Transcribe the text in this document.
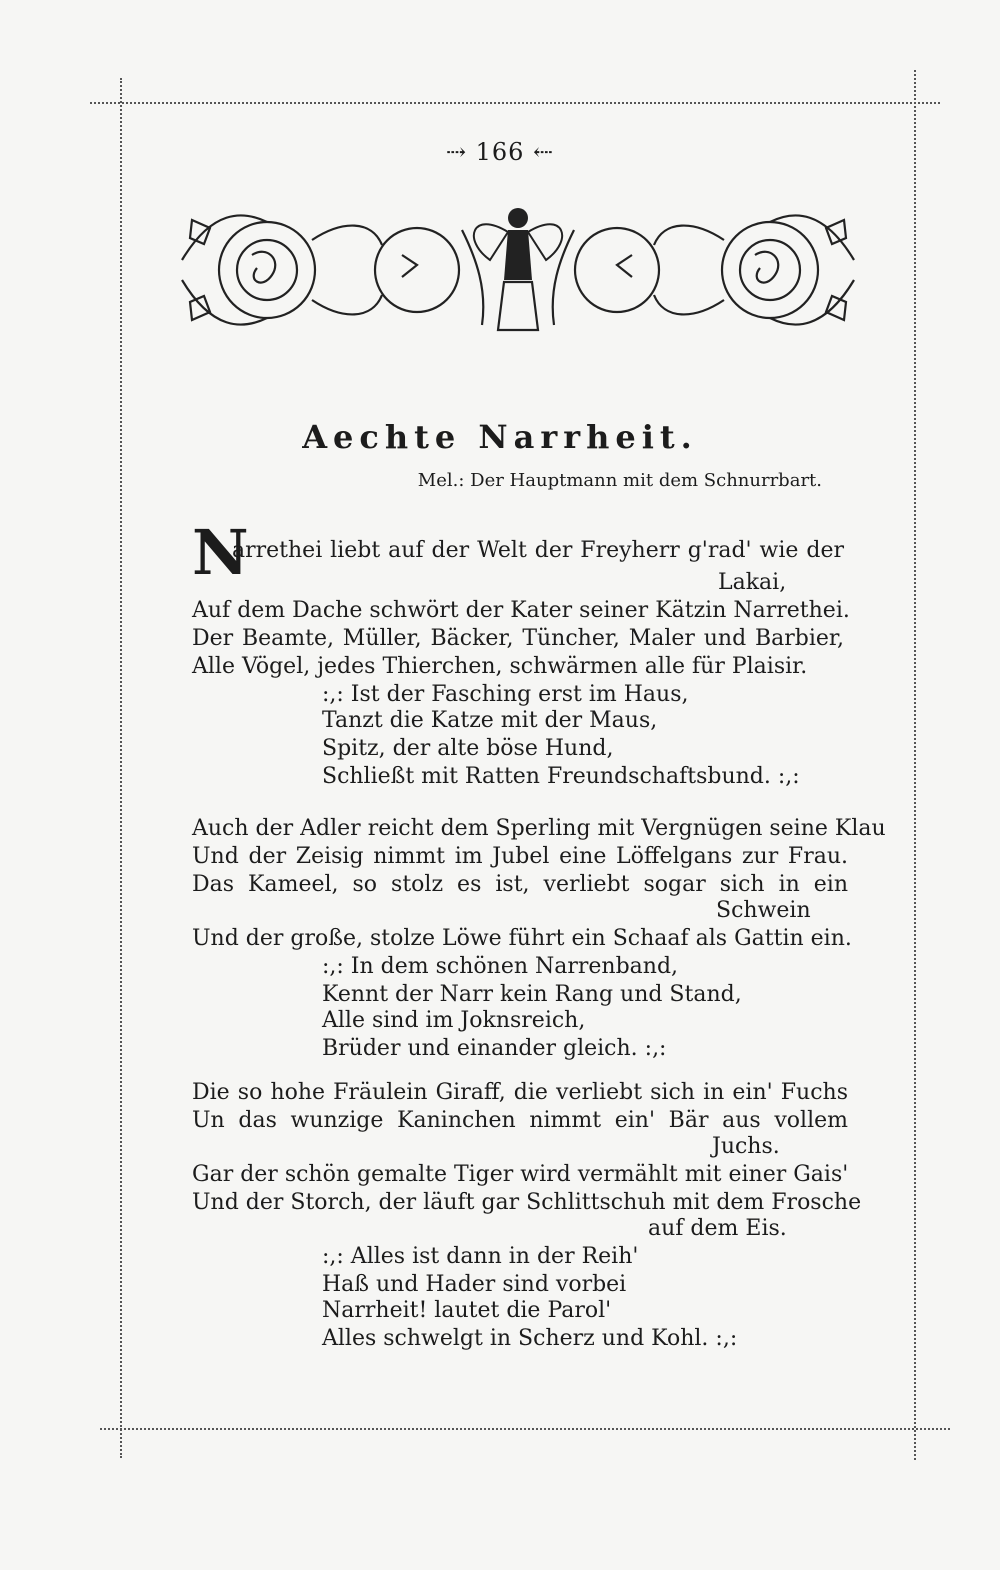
⇢ 166 ⇠
Aechte Narrheit.
Mel.: Der Hauptmann mit dem Schnurrbart.
N
arrethei liebt auf der Welt der Freyherr g'rad' wie der
Lakai,
Auf dem Dache schwört der Kater seiner Kätzin Narrethei.
Der Beamte, Müller, Bäcker, Tüncher, Maler und Barbier,
Alle Vögel, jedes Thierchen, schwärmen alle für Plaisir.
:,: Ist der Fasching erst im Haus,
Tanzt die Katze mit der Maus,
Spitz, der alte böse Hund,
Schließt mit Ratten Freundschaftsbund. :,:
Auch der Adler reicht dem Sperling mit Vergnügen seine Klau
Und der Zeisig nimmt im Jubel eine Löffelgans zur Frau.
Das Kameel, so stolz es ist, verliebt sogar sich in ein
Schwein
Und der große, stolze Löwe führt ein Schaaf als Gattin ein.
:,: In dem schönen Narrenband,
Kennt der Narr kein Rang und Stand,
Alle sind im Joknsreich,
Brüder und einander gleich. :,:
Die so hohe Fräulein Giraff, die verliebt sich in ein' Fuchs
Un das wunzige Kaninchen nimmt ein' Bär aus vollem
Juchs.
Gar der schön gemalte Tiger wird vermählt mit einer Gais'
Und der Storch, der läuft gar Schlittschuh mit dem Frosche
auf dem Eis.
:,: Alles ist dann in der Reih'
Haß und Hader sind vorbei
Narrheit! lautet die Parol'
Alles schwelgt in Scherz und Kohl. :,:
